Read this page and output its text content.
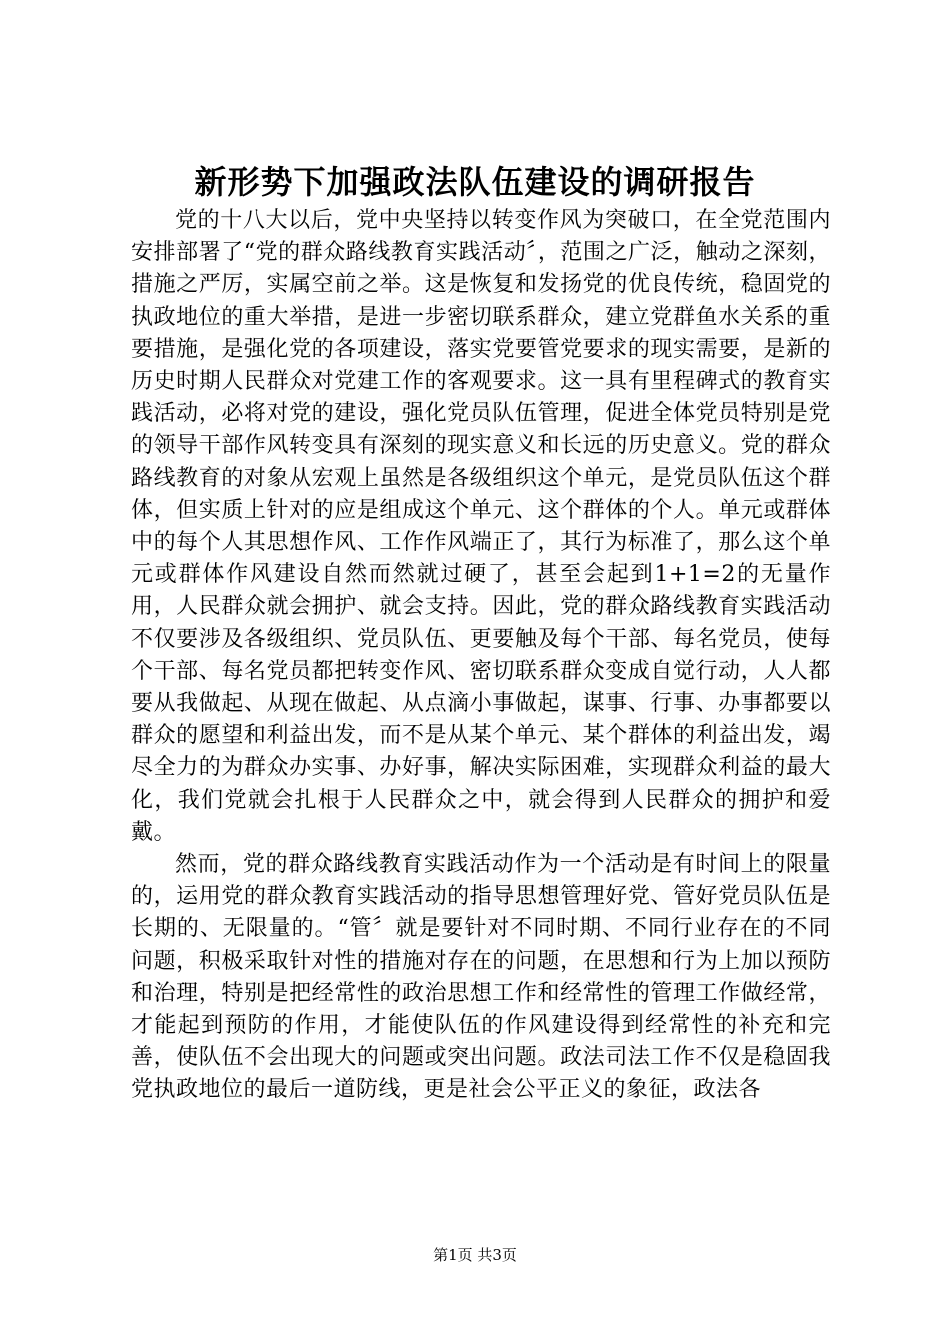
新形势下加强政法队伍建设的调研报告

党的十八大以后，党中央坚持以转变作风为突破口，在全党范围内安排部署了“党的群众路线教育实践活动〞，范围之广泛，触动之深刻，措施之严厉，实属空前之举。这是恢复和发扬党的优良传统，稳固党的执政地位的重大举措，是进一步密切联系群众，建立党群鱼水关系的重要措施，是强化党的各项建设，落实党要管党要求的现实需要，是新的历史时期人民群众对党建工作的客观要求。这一具有里程碑式的教育实践活动，必将对党的建设，强化党员队伍管理，促进全体党员特别是党的领导干部作风转变具有深刻的现实意义和长远的历史意义。党的群众路线教育的对象从宏观上虽然是各级组织这个单元，是党员队伍这个群体，但实质上针对的应是组成这个单元、这个群体的个人。单元或群体中的每个人其思想作风、工作作风端正了，其行为标准了，那么这个单元或群体作风建设自然而然就过硬了，甚至会起到1+1=2的无量作用，人民群众就会拥护、就会支持。因此，党的群众路线教育实践活动不仅要涉及各级组织、党员队伍、更要触及每个干部、每名党员，使每个干部、每名党员都把转变作风、密切联系群众变成自觉行动，人人都要从我做起、从现在做起、从点滴小事做起，谋事、行事、办事都要以群众的愿望和利益出发，而不是从某个单元、某个群体的利益出发，竭尽全力的为群众办实事、办好事，解决实际困难，实现群众利益的最大化，我们党就会扎根于人民群众之中，就会得到人民群众的拥护和爱戴。

然而，党的群众路线教育实践活动作为一个活动是有时间上的限量的，运用党的群众教育实践活动的指导思想管理好党、管好党员队伍是长期的、无限量的。“管〞就是要针对不同时期、不同行业存在的不同问题，积极采取针对性的措施对存在的问题，在思想和行为上加以预防和治理，特别是把经常性的政治思想工作和经常性的管理工作做经常，才能起到预防的作用，才能使队伍的作风建设得到经常性的补充和完善，使队伍不会出现大的问题或突出问题。政法司法工作不仅是稳固我党执政地位的最后一道防线，更是社会公平正义的象征，政法各

第1页 共3页
